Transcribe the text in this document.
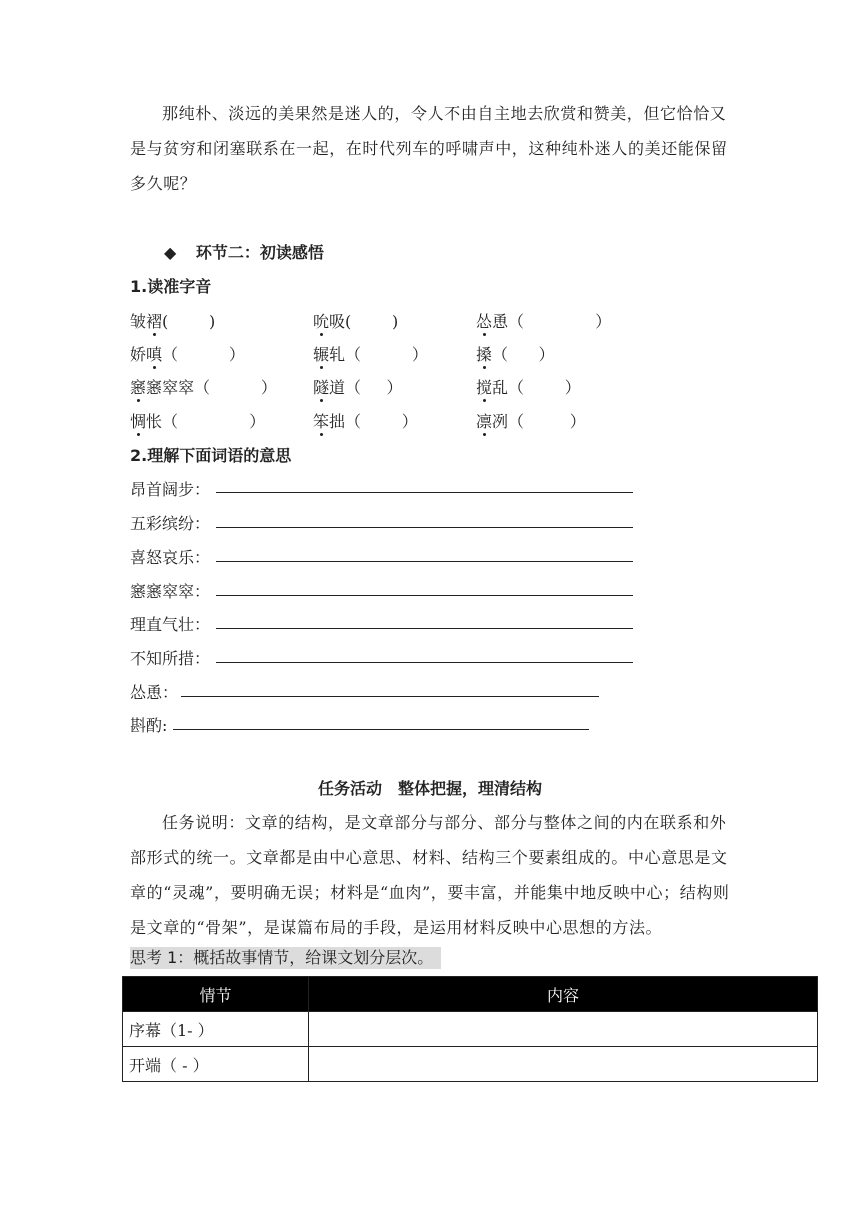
那纯朴、淡远的美果然是迷人的，令人不由自主地去欣赏和赞美，但它恰恰又是与贫穷和闭塞联系在一起，在时代列车的呼啸声中，这种纯朴迷人的美还能保留多久呢？

◆ 环节二：初读感悟
1.读准字音
皱褶(        )	吮吸(        )	怂恿（              ）
娇嗔（          ）	辗轧（          ）	搡（      ）
窸窸窣窣（          ） 隧道（     ）	搅乱（        ）
惆怅（              ）	笨拙（        ）	凛冽（         ）
2.理解下面词语的意思
昂首阔步：
五彩缤纷：
喜怒哀乐：
窸窸窣窣：
理直气壮：
不知所措：
怂恿：
斟酌:
任务活动　整体把握，理清结构

任务说明：文章的结构，是文章部分与部分、部分与整体之间的内在联系和外部形式的统一。文章都是由中心意思、材料、结构三个要素组成的。中心意思是文章的“灵魂”，要明确无误；材料是“血肉”，要丰富，并能集中地反映中心；结构则是文章的“骨架”，是谋篇布局的手段，是运用材料反映中心思想的方法。

思考 1：概括故事情节，给课文划分层次。
情节	内容
序幕（1- ）	
开端（ - ）	
